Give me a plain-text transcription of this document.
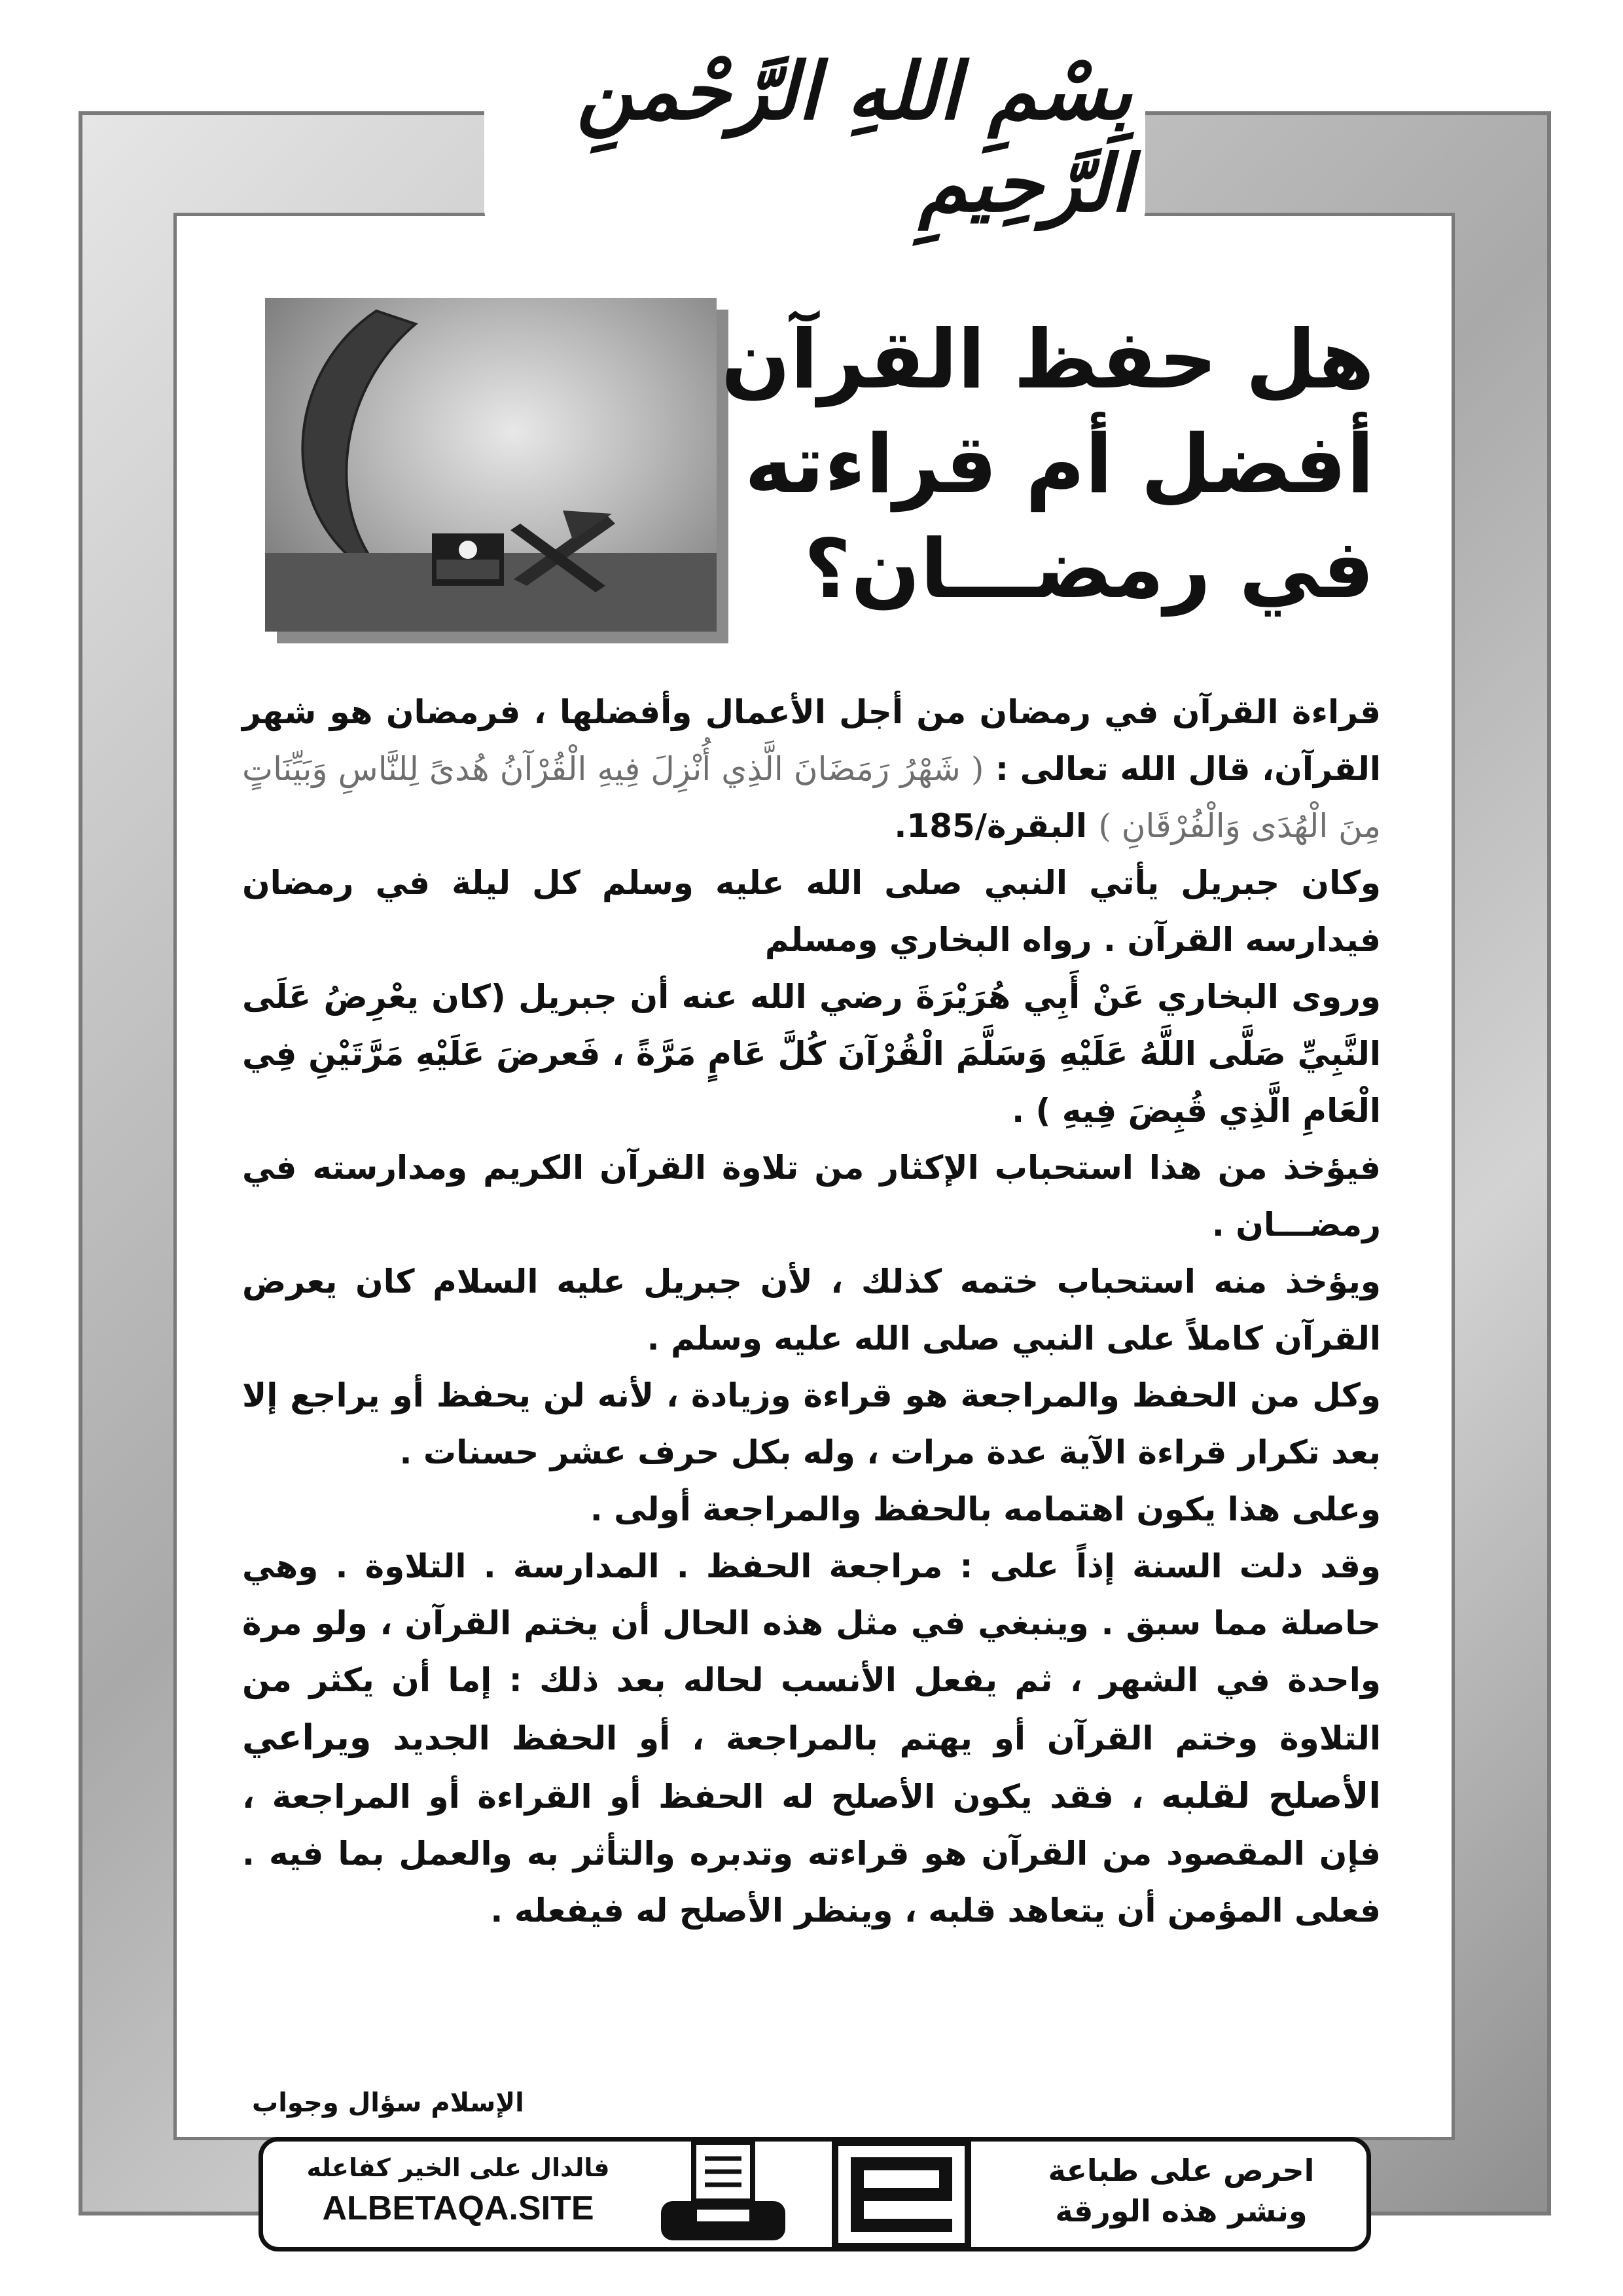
بِسْمِ اللهِ الرَّحْمنِ الرَّحِيمِ
هل حفظ القرآن
أفضل أم قراءته
في رمضـــان؟

قراءة القرآن في رمضان من أجل الأعمال وأفضلها ، فرمضان هو شهر القرآن، قال الله تعالى : ( شَهْرُ رَمَضَانَ الَّذِي أُنْزِلَ فِيهِ الْقُرْآنُ هُدىً لِلنَّاسِ وَبَيِّنَاتٍ مِنَ الْهُدَى وَالْفُرْقَانِ ) البقرة/185.

وكان جبريل يأتي النبي صلى الله عليه وسلم كل ليلة في رمضان فيدارسه القرآن . رواه البخاري ومسلم

وروى البخاري عَنْ أَبِي هُرَيْرَةَ رضي الله عنه أن جبريل (كان يعْرِضُ عَلَى النَّبِيِّ صَلَّى اللَّهُ عَلَيْهِ وَسَلَّمَ الْقُرْآنَ كُلَّ عَامٍ مَرَّةً ، فَعرضَ عَلَيْهِ مَرَّتَيْنِ فِي الْعَامِ الَّذِي قُبِضَ فِيهِ ) .

فيؤخذ من هذا استحباب الإكثار من تلاوة القرآن الكريم ومدارسته في رمضـــان .

ويؤخذ منه استحباب ختمه كذلك ، لأن جبريل عليه السلام كان يعرض القرآن كاملاً على النبي صلى الله عليه وسلم .

وكل من الحفظ والمراجعة هو قراءة وزيادة ، لأنه لن يحفظ أو يراجع إلا بعد تكرار قراءة الآية عدة مرات ، وله بكل حرف عشر حسنات .

وعلى هذا يكون اهتمامه بالحفظ والمراجعة أولى .

وقد دلت السنة إذاً على : مراجعة الحفظ . المدارسة . التلاوة . وهي حاصلة مما سبق . وينبغي في مثل هذه الحال أن يختم القرآن ، ولو مرة واحدة في الشهر ، ثم يفعل الأنسب لحاله بعد ذلك : إما أن يكثر من التلاوة وختم القرآن أو يهتم بالمراجعة ، أو الحفظ الجديد ويراعي الأصلح لقلبه ، فقد يكون الأصلح له الحفظ أو القراءة أو المراجعة ، فإن المقصود من القرآن هو قراءته وتدبره والتأثر به والعمل بما فيه . فعلى المؤمن أن يتعاهد قلبه ، وينظر الأصلح له فيفعله .

الإسلام سؤال وجواب
فالدال على الخير كفاعله
ALBETAQA.SITE
احرص على طباعة
ونشر هذه الورقة
